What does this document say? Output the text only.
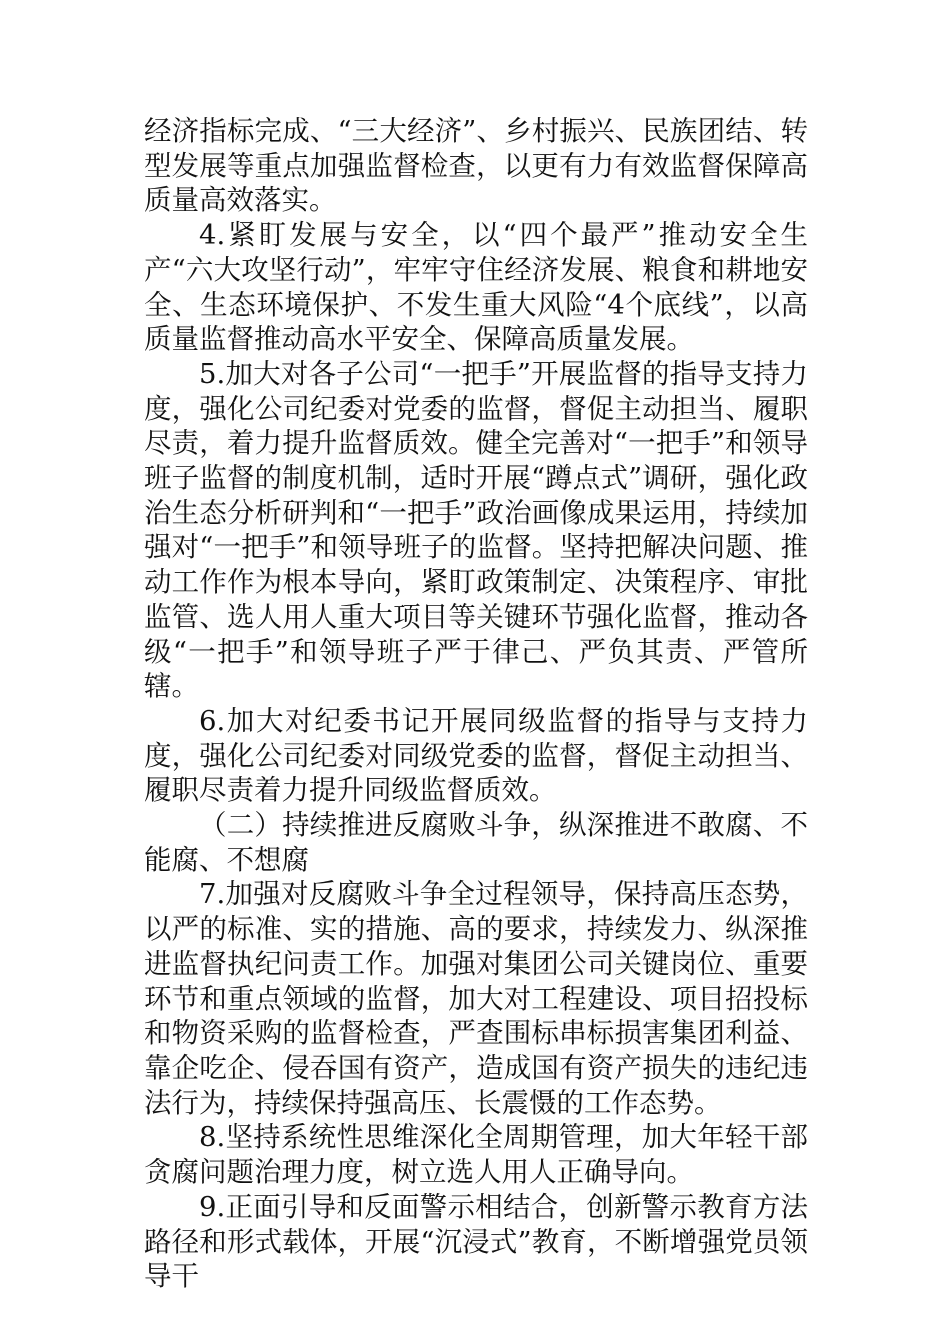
经济指标完成、“三大经济”、乡村振兴、民族团结、转型发展等重点加强监督检查，以更有力有效监督保障高质量高效落实。

4.紧盯发展与安全，以“四个最严”推动安全生产“六大攻坚行动”，牢牢守住经济发展、粮食和耕地安全、生态环境保护、不发生重大风险“4个底线”，以高质量监督推动高水平安全、保障高质量发展。

5.加大对各子公司“一把手”开展监督的指导支持力度，强化公司纪委对党委的监督，督促主动担当、履职尽责，着力提升监督质效。健全完善对“一把手”和领导班子监督的制度机制，适时开展“蹲点式”调研，强化政治生态分析研判和“一把手”政治画像成果运用，持续加强对“一把手”和领导班子的监督。坚持把解决问题、推动工作作为根本导向，紧盯政策制定、决策程序、审批监管、选人用人重大项目等关键环节强化监督，推动各级“一把手”和领导班子严于律己、严负其责、严管所辖。

6.加大对纪委书记开展同级监督的指导与支持力度，强化公司纪委对同级党委的监督，督促主动担当、履职尽责着力提升同级监督质效。

（二）持续推进反腐败斗争，纵深推进不敢腐、不能腐、不想腐

7.加强对反腐败斗争全过程领导，保持高压态势，以严的标准、实的措施、高的要求，持续发力、纵深推进监督执纪问责工作。加强对集团公司关键岗位、重要环节和重点领域的监督，加大对工程建设、项目招投标和物资采购的监督检查，严查围标串标损害集团利益、靠企吃企、侵吞国有资产，造成国有资产损失的违纪违法行为，持续保持强高压、长震慑的工作态势。

8.坚持系统性思维深化全周期管理，加大年轻干部贪腐问题治理力度，树立选人用人正确导向。

9.正面引导和反面警示相结合，创新警示教育方法路径和形式载体，开展“沉浸式”教育，不断增强党员领导干
